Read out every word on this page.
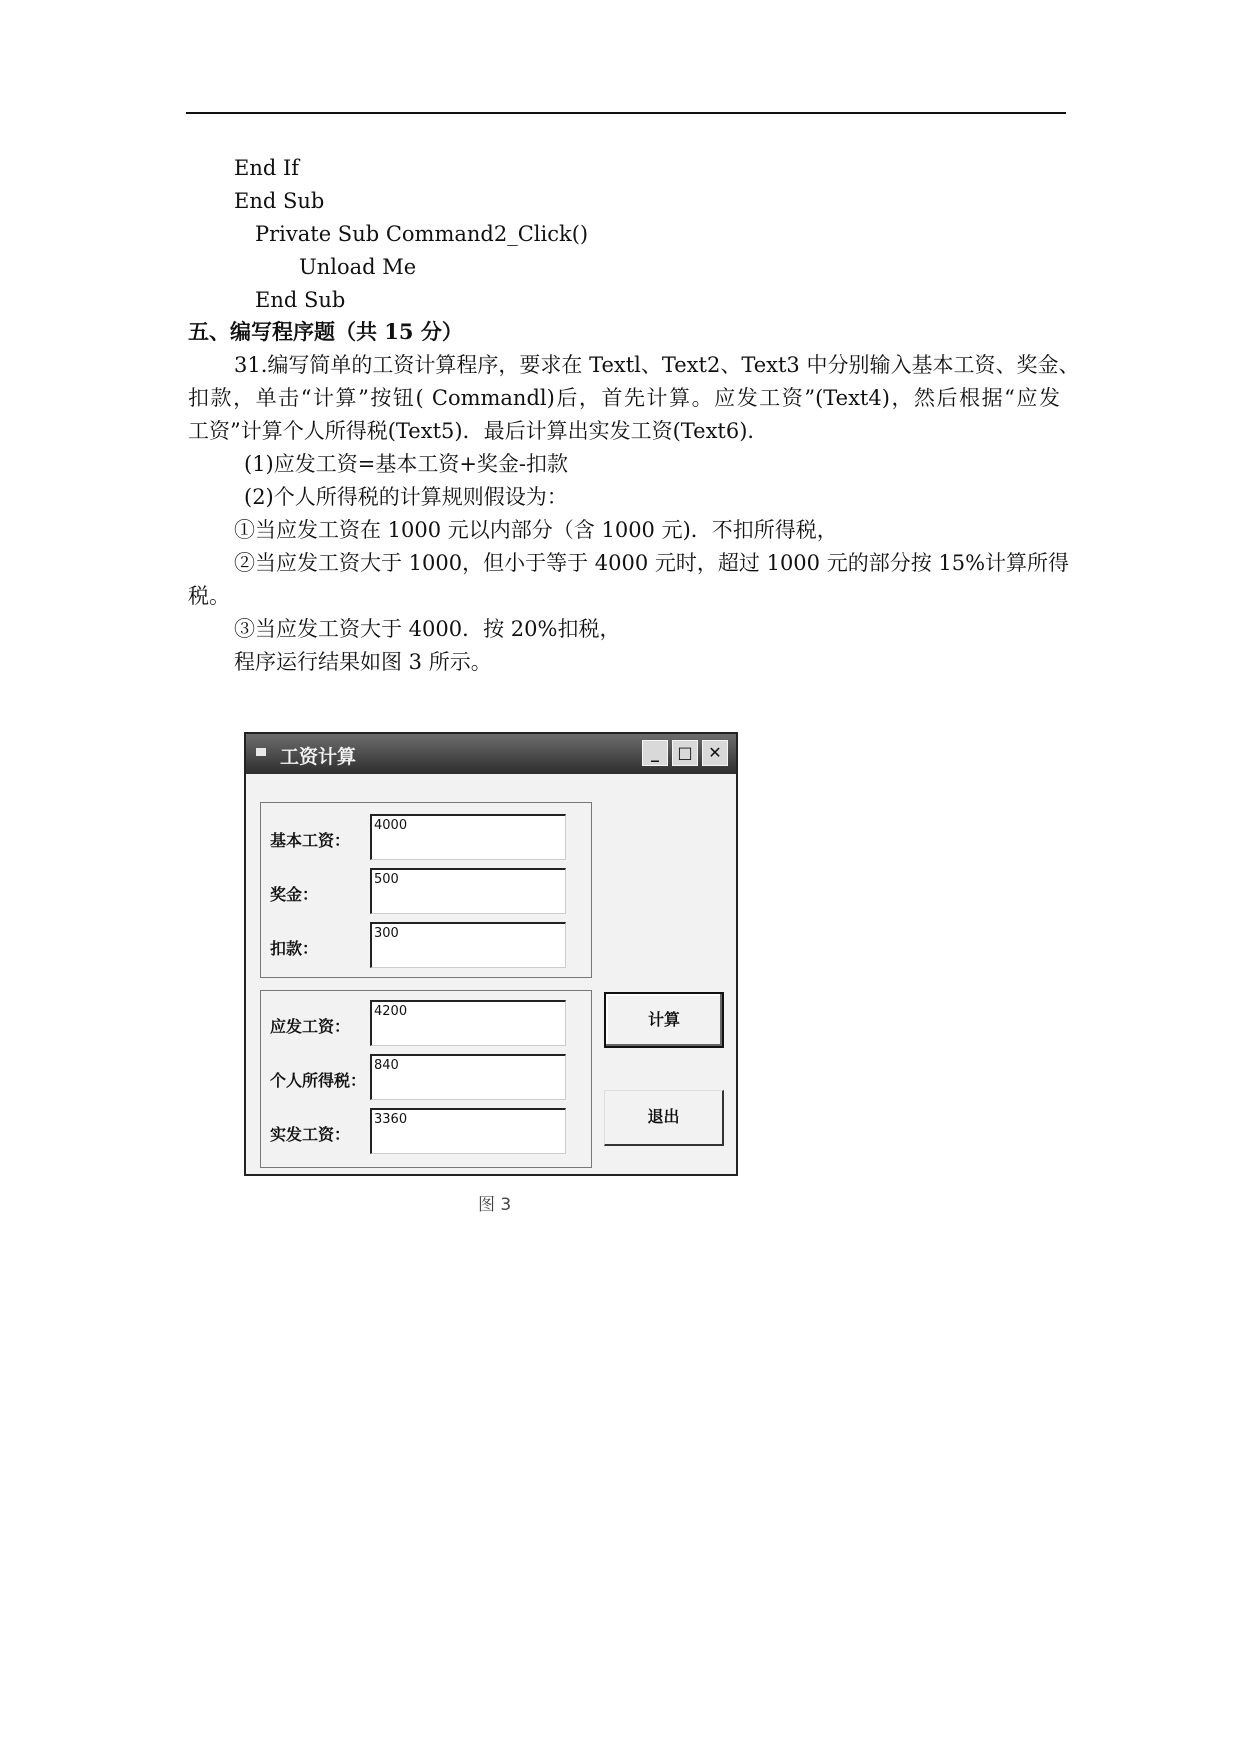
End If
End Sub
Private Sub Command2_Click()
Unload Me
End Sub
五、编写程序题（共 15 分）
31.编写简单的工资计算程序，要求在 Textl、Text2、Text3 中分别输入基本工资、奖金、
扣款，单击“计算”按钮( Commandl)后，首先计算。应发工资”(Text4)，然后根据“应发
工资”计算个人所得税(Text5)．最后计算出实发工资(Text6)．
(1)应发工资=基本工资+奖金-扣款
(2)个人所得税的计算规则假设为：
①当应发工资在 1000 元以内部分（含 1000 元)．不扣所得税，
②当应发工资大于 1000，但小于等于 4000 元时，超过 1000 元的部分按 15%计算所得
税。
③当应发工资大于 4000．按 20%扣税，
程序运行结果如图 3 所示。
工资计算	_	□ ✕
基本工资：
奖金：
扣款：
应发工资：
个人所得税：
实发工资：
4000
500
300
4200
840
3360
计算
退出
图 3
